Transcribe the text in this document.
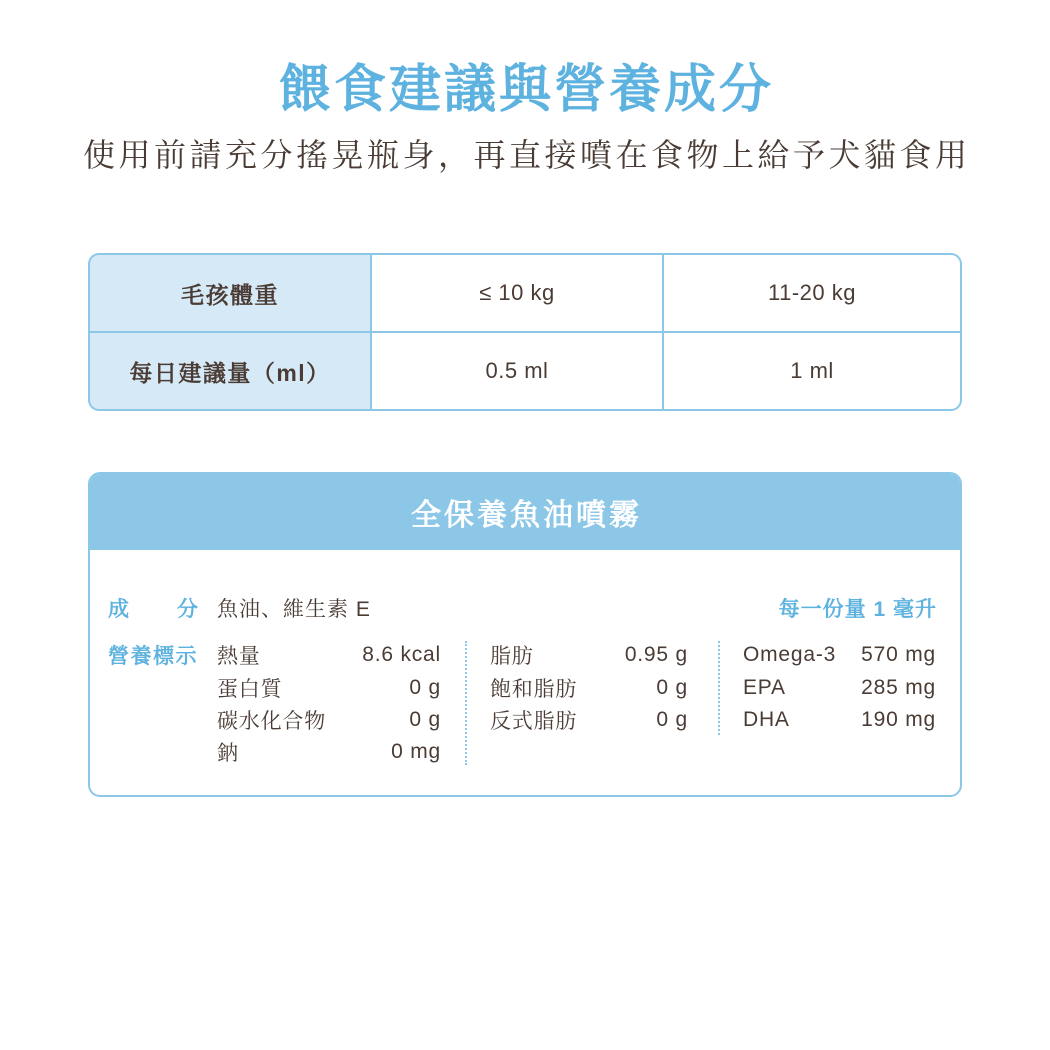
餵食建議與營養成分

使用前請充分搖晃瓶身，再直接噴在食物上給予犬貓食用

毛孩體重	≤ 10 kg	11-20 kg
每日建議量（ml）	0.5 ml	1 ml
全保養魚油噴霧
成 分 魚油、維生素 E	每一份量 1 毫升
營養標示 熱量	8.6 kcal
蛋白質	0 g
碳水化合物	0 g
鈉	0 mg
脂肪	0.95 g
飽和脂肪	0 g
反式脂肪	0 g
Omega-3 570 mg
EPA	285 mg
DHA	190 mg
